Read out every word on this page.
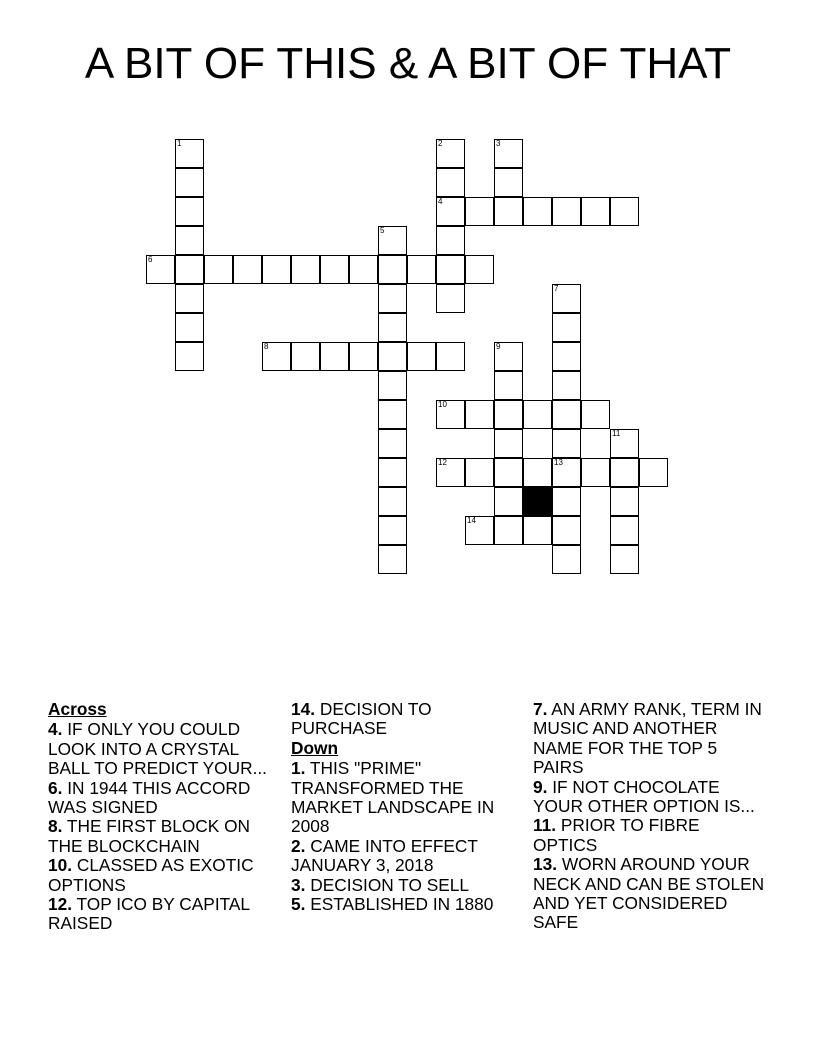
A BIT OF THIS & A BIT OF THAT
1	2
4
3
5
7
13
9
11
6
8
10
12
14

Across

4. IF ONLY YOU COULD LOOK INTO A CRYSTAL BALL TO PREDICT YOUR...

6. IN 1944 THIS ACCORD WAS SIGNED

8. THE FIRST BLOCK ON THE BLOCKCHAIN

10. CLASSED AS EXOTIC OPTIONS

12. TOP ICO BY CAPITAL RAISED

14. DECISION TO PURCHASE

Down

1. THIS "PRIME" TRANSFORMED THE MARKET LANDSCAPE IN 2008

2. CAME INTO EFFECT JANUARY 3, 2018

3. DECISION TO SELL

5. ESTABLISHED IN 1880

7. AN ARMY RANK, TERM IN MUSIC AND ANOTHER NAME FOR THE TOP 5 PAIRS

9. IF NOT CHOCOLATE YOUR OTHER OPTION IS...

11. PRIOR TO FIBRE OPTICS

13. WORN AROUND YOUR NECK AND CAN BE STOLEN AND YET CONSIDERED SAFE
